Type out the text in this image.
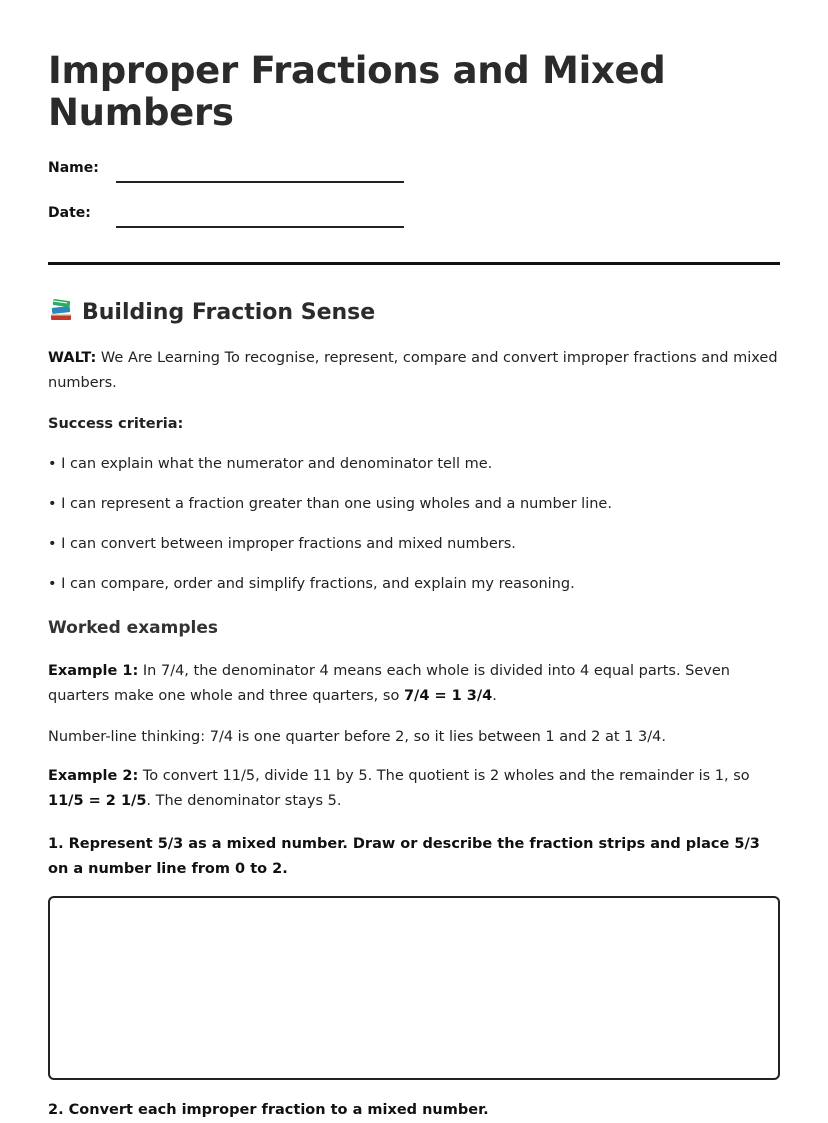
Improper Fractions and Mixed Numbers
Name:
Date:
Building Fraction Sense

WALT: We Are Learning To recognise, represent, compare and convert improper fractions and mixed numbers.

Success criteria:

• I can explain what the numerator and denominator tell me.

• I can represent a fraction greater than one using wholes and a number line.

• I can convert between improper fractions and mixed numbers.

• I can compare, order and simplify fractions, and explain my reasoning.

Worked examples

Example 1: In 7/4, the denominator 4 means each whole is divided into 4 equal parts. Seven quarters make one whole and three quarters, so 7/4 = 1 3/4.

Number-line thinking: 7/4 is one quarter before 2, so it lies between 1 and 2 at 1 3/4.

Example 2: To convert 11/5, divide 11 by 5. The quotient is 2 wholes and the remainder is 1, so 11/5 = 2 1/5. The denominator stays 5.

1. Represent 5/3 as a mixed number. Draw or describe the fraction strips and place 5/3 on a number line from 0 to 2.

2. Convert each improper fraction to a mixed number.
